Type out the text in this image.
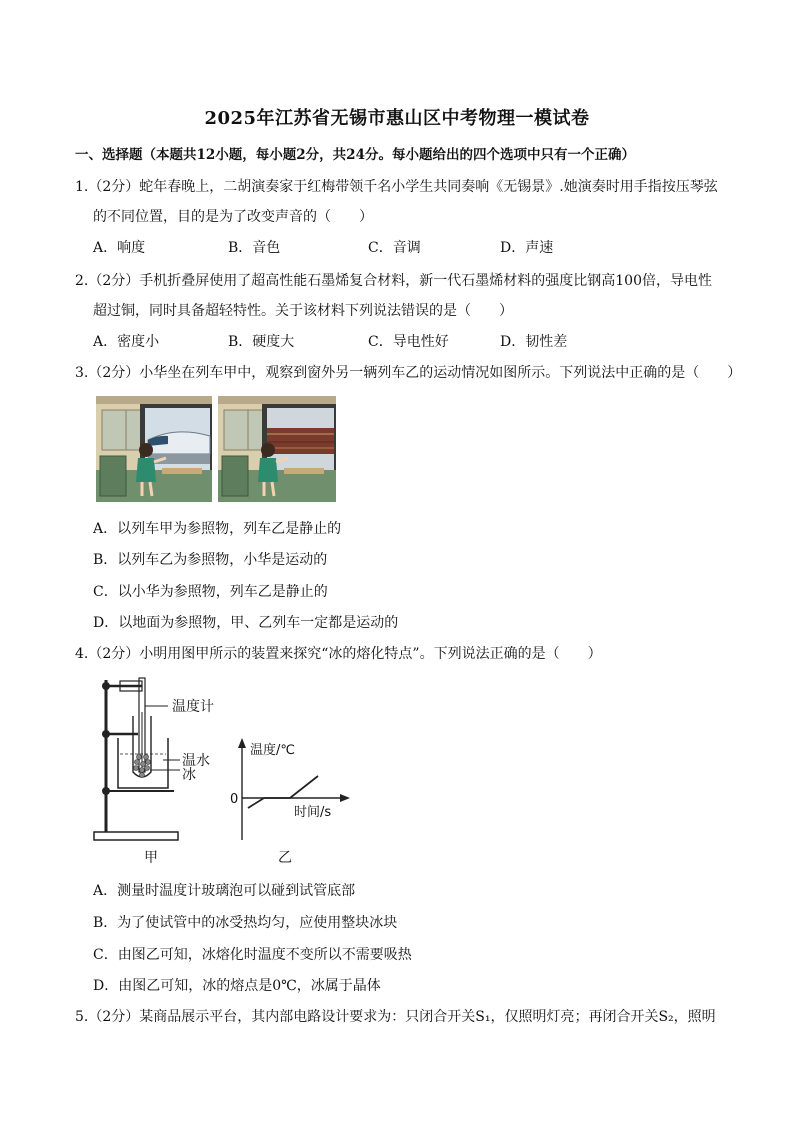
2025年江苏省无锡市惠山区中考物理一模试卷
一、选择题（本题共12小题，每小题2分，共24分。每小题给出的四个选项中只有一个正确）
1.（2分）蛇年春晚上，二胡演奏家于红梅带领千名小学生共同奏响《无锡景》.她演奏时用手指按压琴弦
的不同位置，目的是为了改变声音的（　　）
A．响度	B．音色	C．音调	D．声速
2.（2分）手机折叠屏使用了超高性能石墨烯复合材料，新一代石墨烯材料的强度比钢高100倍，导电性
超过铜，同时具备超轻特性。关于该材料下列说法错误的是（　　）
A．密度小	B．硬度大	C．导电性好	D．韧性差
3.（2分）小华坐在列车甲中，观察到窗外另一辆列车乙的运动情况如图所示。下列说法中正确的是（　　）
A．以列车甲为参照物，列车乙是静止的
B．以列车乙为参照物，小华是运动的
C．以小华为参照物，列车乙是静止的
D．以地面为参照物，甲、乙列车一定都是运动的
4.（2分）小明用图甲所示的装置来探究“冰的熔化特点”。下列说法正确的是（　　）
温度计
温水
冰
甲
温度/℃
时间/s
0
乙
A．测量时温度计玻璃泡可以碰到试管底部
B．为了使试管中的冰受热均匀，应使用整块冰块
C．由图乙可知，冰熔化时温度不变所以不需要吸热
D．由图乙可知，冰的熔点是0℃，冰属于晶体
5.（2分）某商品展示平台，其内部电路设计要求为：只闭合开关S₁，仅照明灯亮；再闭合开关S₂，照明
